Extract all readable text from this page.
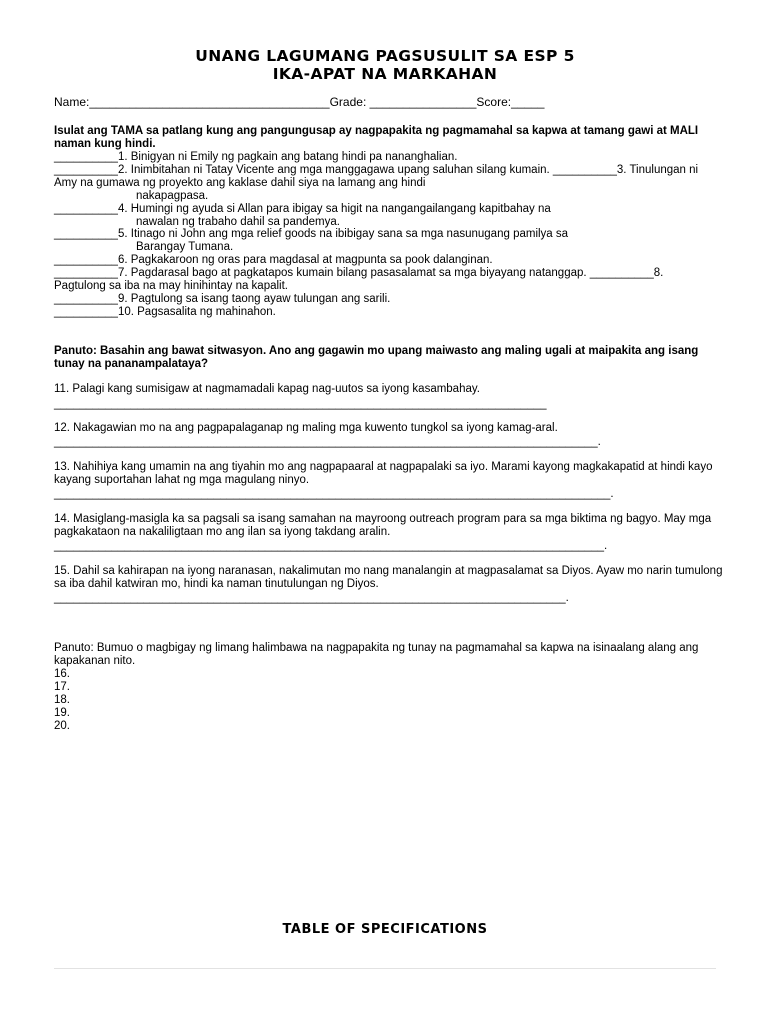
UNANG LAGUMANG PAGSUSULIT SA ESP 5
IKA-APAT NA MARKAHAN
Name:____________________________________Grade: ________________Score:_____
Isulat ang TAMA sa patlang kung ang pangungusap ay nagpapakita ng pagmamahal sa kapwa at tamang gawi at MALI
naman kung hindi.
__________1. Binigyan ni Emily ng pagkain ang batang hindi pa nananghalian.
__________2. Inimbitahan ni Tatay Vicente ang mga manggagawa upang saluhan silang kumain. __________3. Tinulungan ni
Amy na gumawa ng proyekto ang kaklase dahil siya na lamang ang hindi
nakapagpasa.
__________4. Humingi ng ayuda si Allan para ibigay sa higit na nangangailangang kapitbahay na
nawalan ng trabaho dahil sa pandemya.
__________5. Itinago ni John ang mga relief goods na ibibigay sana sa mga nasunugang pamilya sa
Barangay Tumana.
__________6. Pagkakaroon ng oras para magdasal at magpunta sa pook dalanginan.
__________7. Pagdarasal bago at pagkatapos kumain bilang pasasalamat sa mga biyayang natanggap. __________8.
Pagtulong sa iba na may hinihintay na kapalit.
__________9. Pagtulong sa isang taong ayaw tulungan ang sarili.
__________10. Pagsasalita ng mahinahon.
Panuto: Basahin ang bawat sitwasyon. Ano ang gagawin mo upang maiwasto ang maling ugali at maipakita ang isang
tunay na pananampalataya?
11. Palagi kang sumisigaw at nagmamadali kapag nag-uutos sa iyong kasambahay.
_____________________________________________________________________________
12. Nakagawian mo na ang pagpapalaganap ng maling mga kuwento tungkol sa iyong kamag-aral.
_____________________________________________________________________________________.
13. Nahihiya kang umamin na ang tiyahin mo ang nagpapaaral at nagpapalaki sa iyo. Marami kayong magkakapatid at hindi kayo
kayang suportahan lahat ng mga magulang ninyo.
_______________________________________________________________________________________.
14. Masiglang-masigla ka sa pagsali sa isang samahan na mayroong outreach program para sa mga biktima ng bagyo. May mga
pagkakataon na nakaliligtaan mo ang ilan sa iyong takdang aralin.
______________________________________________________________________________________.
15. Dahil sa kahirapan na iyong naranasan, nakalimutan mo nang manalangin at magpasalamat sa Diyos. Ayaw mo narin tumulong
sa iba dahil katwiran mo, hindi ka naman tinutulungan ng Diyos.
________________________________________________________________________________.
Panuto: Bumuo o magbigay ng limang halimbawa na nagpapakita ng tunay na pagmamahal sa kapwa na isinaalang alang ang
kapakanan nito.
16.
17.
18.
19.
20.
TABLE OF SPECIFICATIONS
